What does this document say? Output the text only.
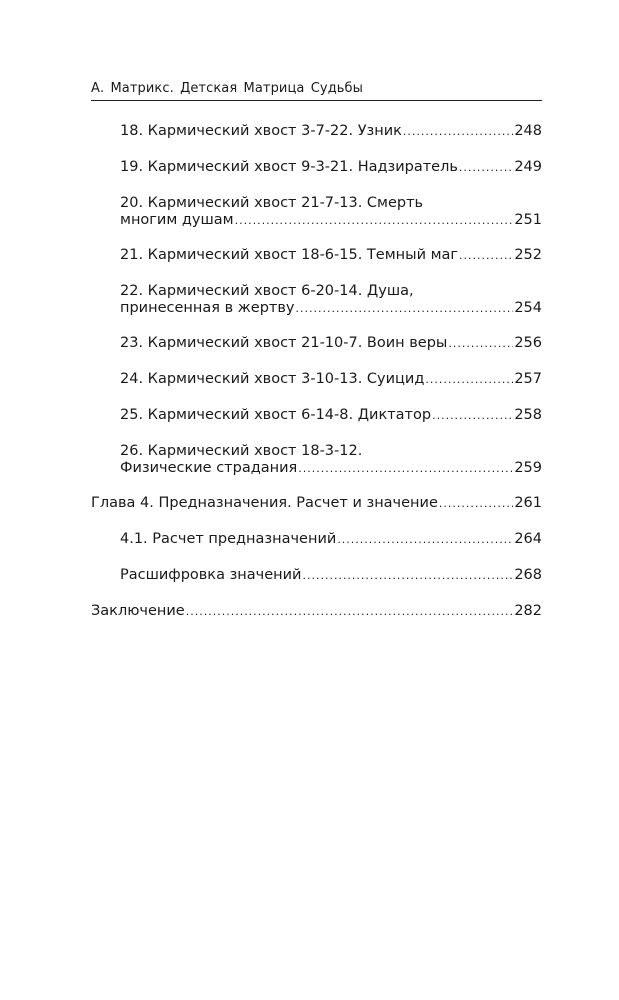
А. Матрикс. Детская Матрица Судьбы
18. Кармический хвост 3-7-22. Узник .....	248
19. Кармический хвост 9-3-21. Надзиратель .....	249
20. Кармический хвост 21-7-13. Смерть
многим душам .....	251
21. Кармический хвост 18-6-15. Темный маг .....	252
22. Кармический хвост 6-20-14. Душа,
принесенная в жертву .....	254
23. Кармический хвост 21-10-7. Воин веры .....	256
24. Кармический хвост 3-10-13. Суицид .....	257
25. Кармический хвост 6-14-8. Диктатор .....	258
26. Кармический хвост 18-3-12.
Физические страдания .....	259
Глава 4. Предназначения. Расчет и значение .....	261
4.1. Расчет предназначений .....	264
Расшифровка значений .....	268
Заключение .....	282
